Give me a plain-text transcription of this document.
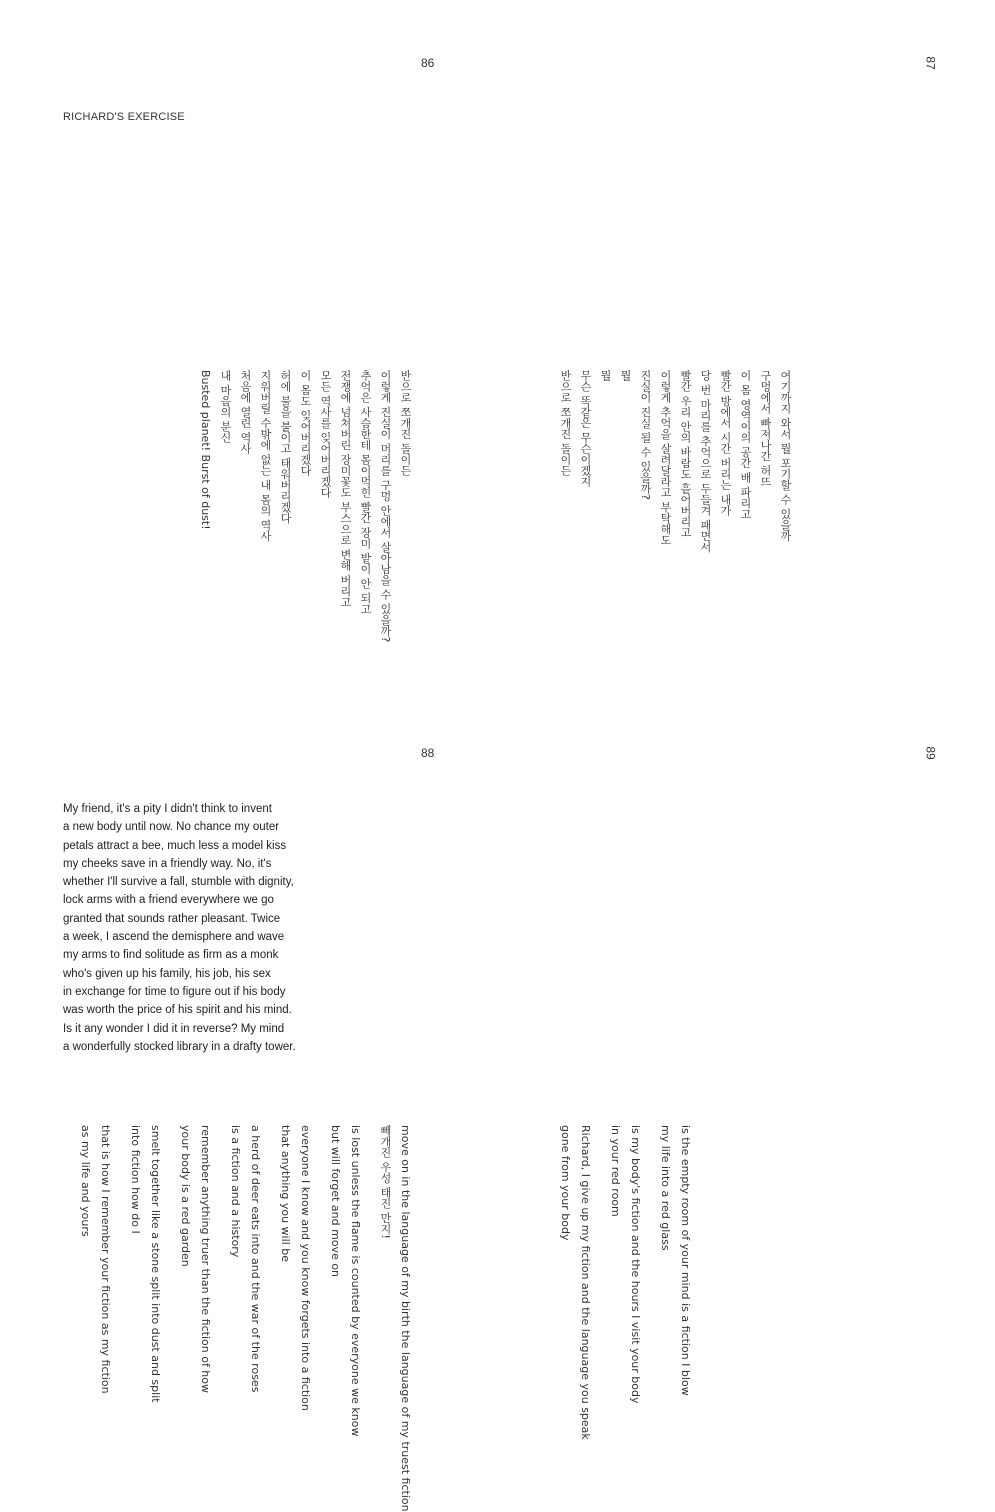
86	87
RICHARD'S EXERCISE
반으로 쪼개진 돌이든
이렇게 진실이 머리를 구멍 안에서 살아남을 수 있을까?
추억은 사슴한테 몸이먹힌 빨간 장미 밭이 안 되고
전쟁에 넘쳐버린 장미꽃도 부스으로 변해 버리고
모든 역사를 잊어버리겠다
이 몸도 잊어버리겠다
허에 불을 붙이고 태워버리겠다
지워버릴 수밖에 없는 내 몸의 역사
처음에 열린 역사
내 마음의 분신
Busted planet! Burst of dust!	여기까지 와서 뭘 포기할 수 있을까
구멍에서 빠져나간 허뜨
이 몸 영역이의 공간 배 파리고
빨간 방에서 시간 버리는 내가
당 번 마리를 추억으로 두들겨 패면서
빨간 우리 안의 바람도 흩어버리고
이렇게 추억을 살려달라고 부탁해도
진실이 진실 될 수 있을까?
뭘
뭘
무슨 똑같은 무슨이겠지
반으로 쪼개진 돌이든
88	89
My friend, it's a pity I didn't think to invent
a new body until now. No chance my outer
petals attract a bee, much less a model kiss
my cheeks save in a friendly way. No, it's
whether I'll survive a fall, stumble with dignity,
lock arms with a friend everywhere we go
granted that sounds rather pleasant. Twice
a week, I ascend the demisphere and wave
my arms to find solitude as firm as a monk
who's given up his family, his job, his sex
in exchange for time to figure out if his body
was worth the price of his spirit and his mind.
Is it any wonder I did it in reverse? My mind
a wonderfully stocked library in a drafty tower.
move on in the language of my birth the language of my truest fiction
빼개진 우성 태진 만지!
is lost unless the flame is counted by everyone we know
but will forget and move on
everyone I know and you know forgets into a fiction
that anything you will be
a herd of deer eats into and the war of the roses
is a fiction and a history
remember anything truer than the fiction of how
your body is a red garden
smelt together like a stone split into dust and split
into fiction how do I
that is how I remember your fiction as my fiction
as my life and yours	is the empty room of your mind is a fiction I blow
my life into a red glass
is my body's fiction and the hours I visit your body
in your red room
Richard, I give up my fiction and the language you speak
gone from your body
